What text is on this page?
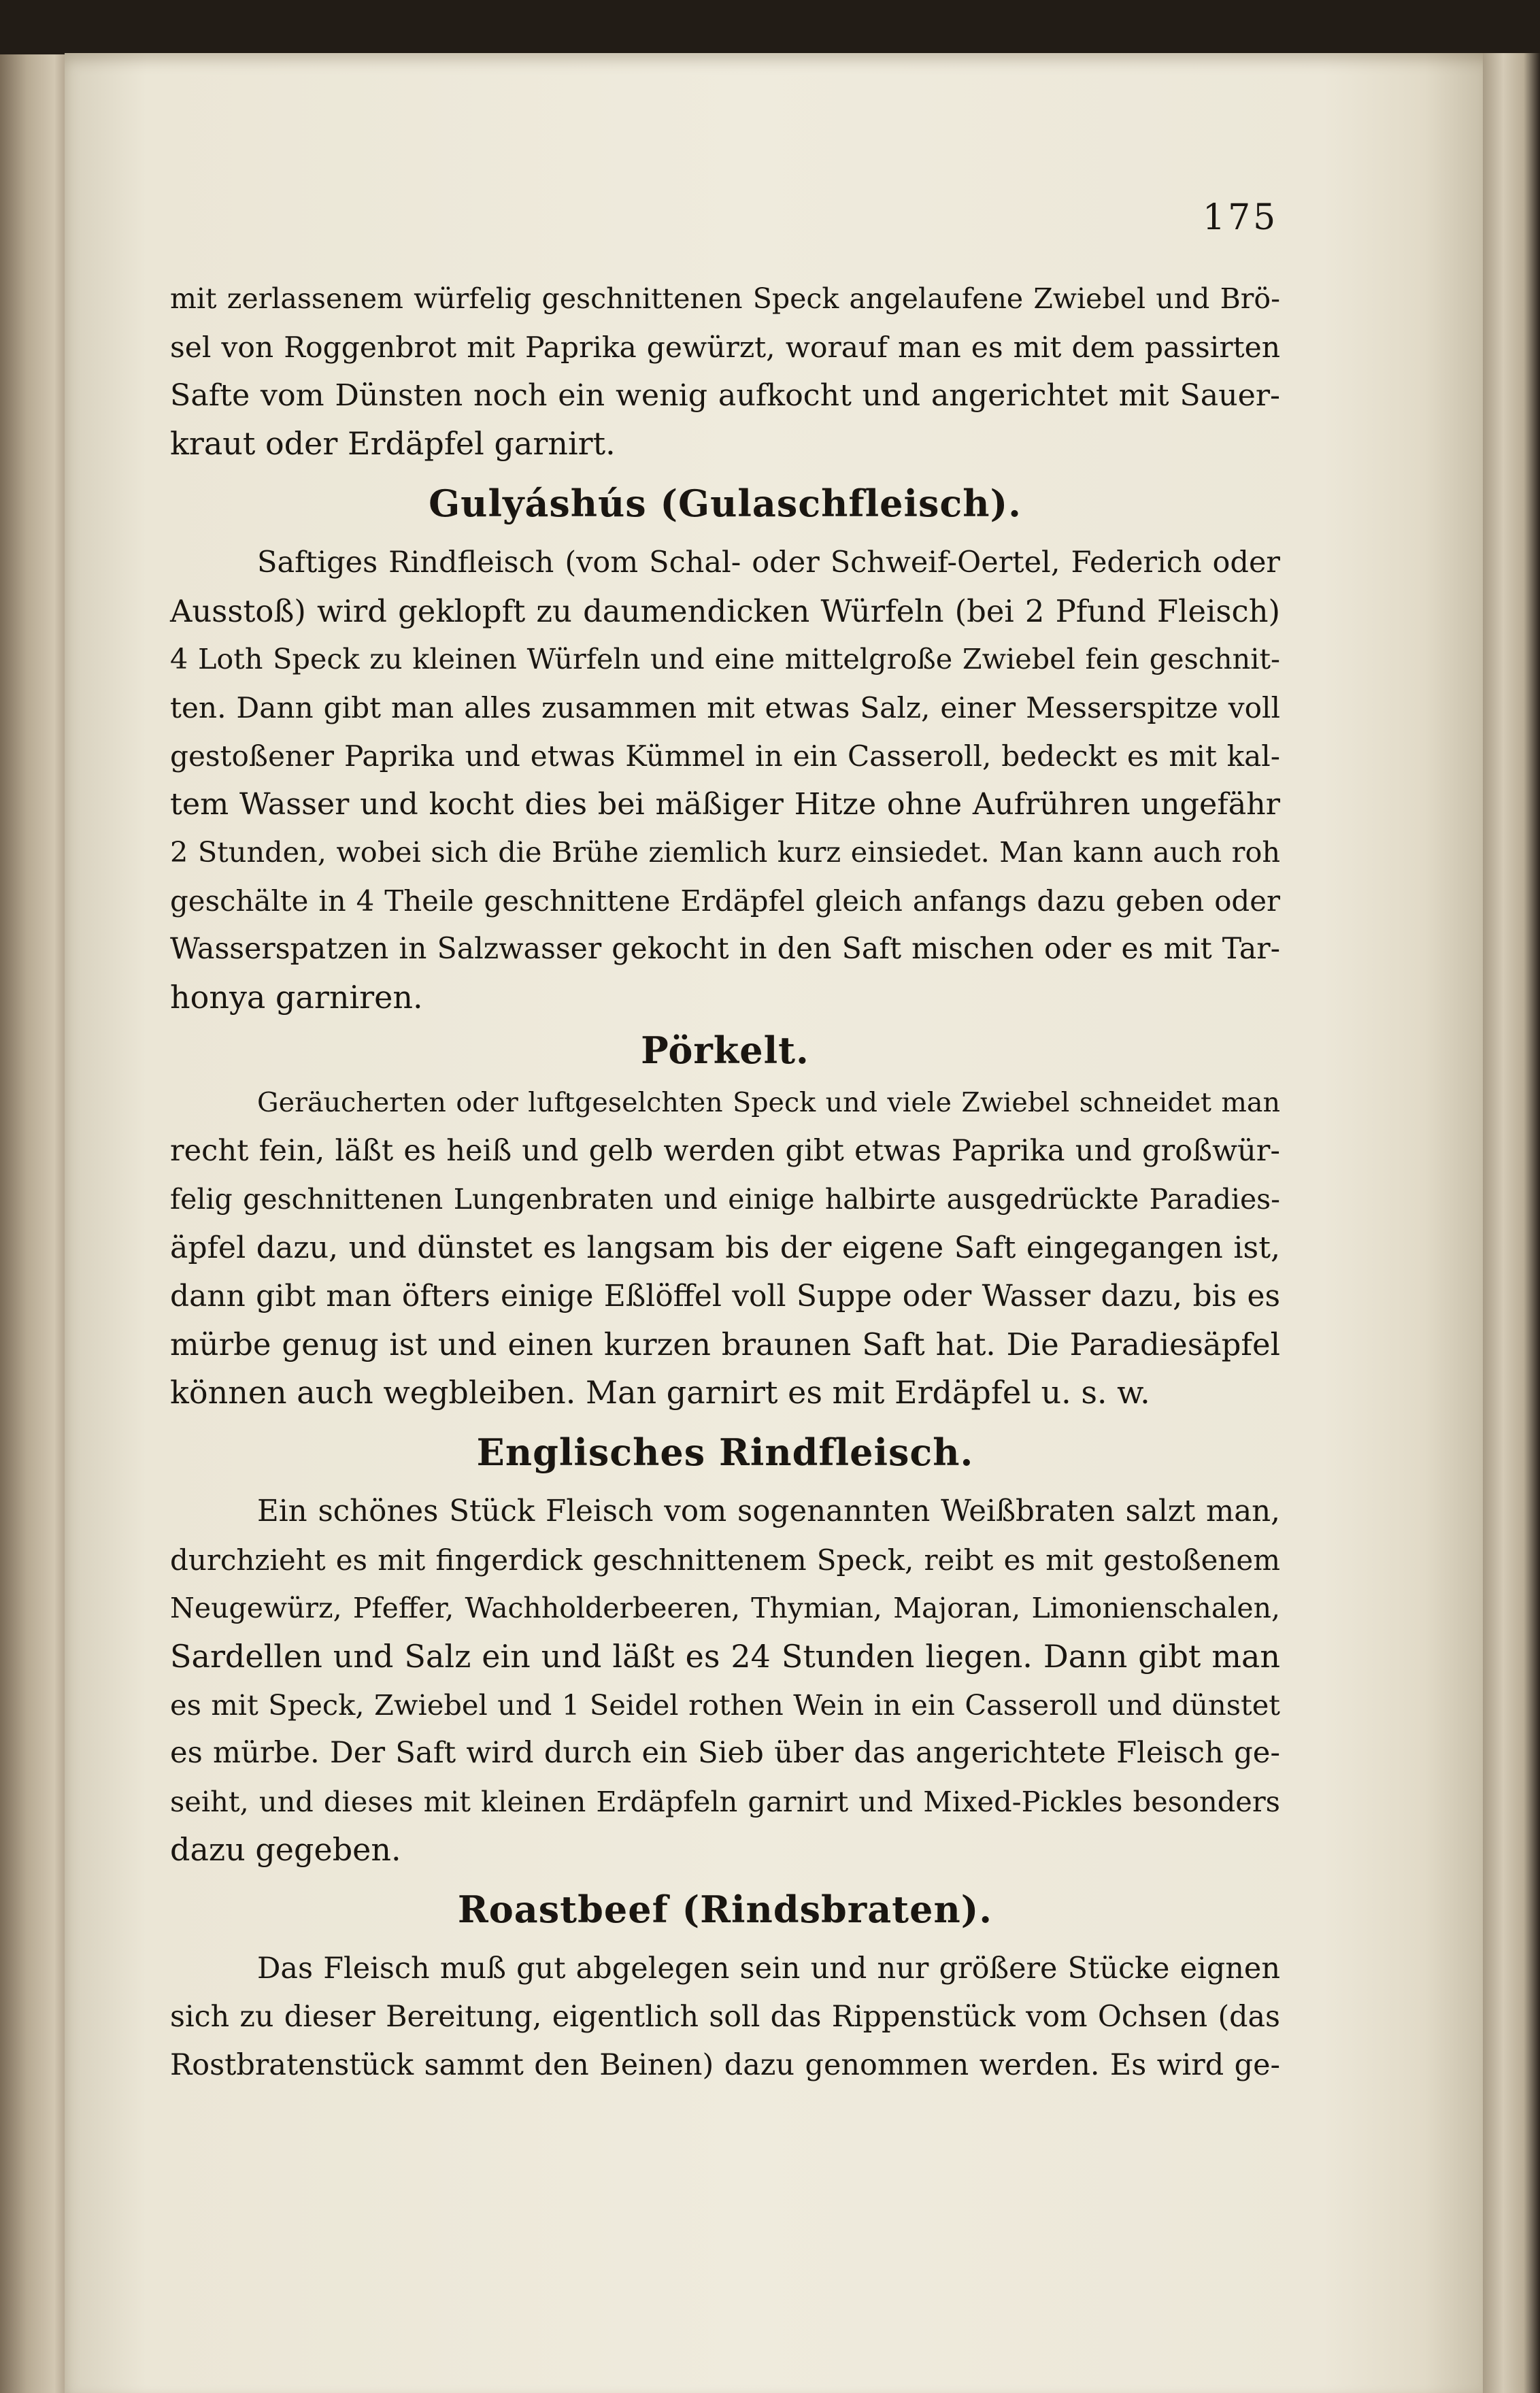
175
mit zerlassenem würfelig geschnittenen Speck angelaufene Zwiebel und Brö-
sel von Roggenbrot mit Paprika gewürzt, worauf man es mit dem passirten
Safte vom Dünsten noch ein wenig aufkocht und angerichtet mit Sauer-
kraut oder Erdäpfel garnirt.
Gulyáshús (Gulaschfleisch).
Saftiges Rindfleisch (vom Schal- oder Schweif-Oertel, Federich oder
Ausstoß) wird geklopft zu daumendicken Würfeln (bei 2 Pfund Fleisch)
4 Loth Speck zu kleinen Würfeln und eine mittelgroße Zwiebel fein geschnit-
ten. Dann gibt man alles zusammen mit etwas Salz, einer Messerspitze voll
gestoßener Paprika und etwas Kümmel in ein Casseroll, bedeckt es mit kal-
tem Wasser und kocht dies bei mäßiger Hitze ohne Aufrühren ungefähr
2 Stunden, wobei sich die Brühe ziemlich kurz einsiedet. Man kann auch roh
geschälte in 4 Theile geschnittene Erdäpfel gleich anfangs dazu geben oder
Wasserspatzen in Salzwasser gekocht in den Saft mischen oder es mit Tar-
honya garniren.
Pörkelt.
Geräucherten oder luftgeselchten Speck und viele Zwiebel schneidet man
recht fein, läßt es heiß und gelb werden gibt etwas Paprika und großwür-
felig geschnittenen Lungenbraten und einige halbirte ausgedrückte Paradies-
äpfel dazu, und dünstet es langsam bis der eigene Saft eingegangen ist,
dann gibt man öfters einige Eßlöffel voll Suppe oder Wasser dazu, bis es
mürbe genug ist und einen kurzen braunen Saft hat. Die Paradiesäpfel
können auch wegbleiben. Man garnirt es mit Erdäpfel u. s. w.
Englisches Rindfleisch.
Ein schönes Stück Fleisch vom sogenannten Weißbraten salzt man,
durchzieht es mit fingerdick geschnittenem Speck, reibt es mit gestoßenem
Neugewürz, Pfeffer, Wachholderbeeren, Thymian, Majoran, Limonienschalen,
Sardellen und Salz ein und läßt es 24 Stunden liegen. Dann gibt man
es mit Speck, Zwiebel und 1 Seidel rothen Wein in ein Casseroll und dünstet
es mürbe. Der Saft wird durch ein Sieb über das angerichtete Fleisch ge-
seiht, und dieses mit kleinen Erdäpfeln garnirt und Mixed-Pickles besonders
dazu gegeben.
Roastbeef (Rindsbraten).
Das Fleisch muß gut abgelegen sein und nur größere Stücke eignen
sich zu dieser Bereitung, eigentlich soll das Rippenstück vom Ochsen (das
Rostbratenstück sammt den Beinen) dazu genommen werden. Es wird ge-
